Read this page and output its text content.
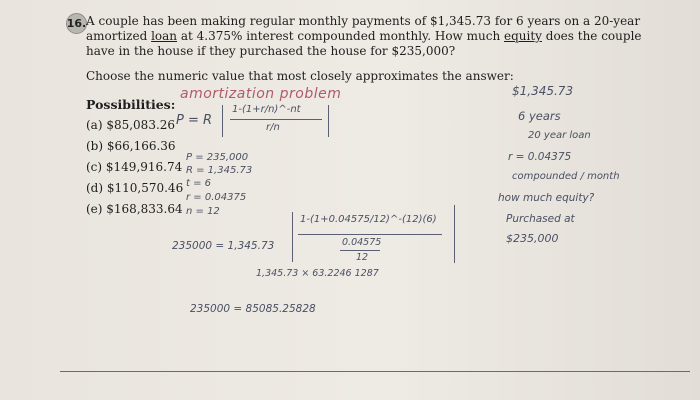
16. A couple has been making regular monthly payments of $1,345.73 for 6 years on a 20-year amortized loan at 4.375% interest compounded monthly. How much equity does the couple have in the house if they purchased the house for $235,000?
Choose the numeric value that most closely approximates the answer:
Possibilities:
(a) $85,083.26
(b) $66,166.36
(c) $149,916.74
(d) $110,570.46
(e) $168,833.64
amortization problem
P = R
1-(1+r/n)^-nt
r/n
P = 235,000
R = 1,345.73
t = 6
r = 0.04375
n = 12
235000 = 1,345.73
1-(1+0.04575/12)^-(12)(6)
0.04575
12
1,345.73 × 63.2246 1287
235000 = 85085.25828
$1,345.73
6 years
20 year loan
r = 0.04375
compounded / month
how much equity?
Purchased at
$235,000
